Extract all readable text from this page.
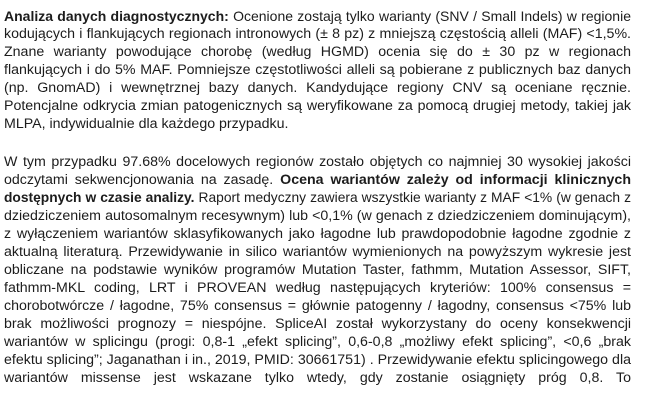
Analiza danych diagnostycznych: Ocenione zostają tylko warianty (SNV / Small Indels) w regionie
kodujących i flankujących regionach intronowych (± 8 pz) z mniejszą częstością alleli (MAF) <1,5%.
Znane warianty powodujące chorobę (według HGMD) ocenia się do ± 30 pz w regionach
flankujących i do 5% MAF. Pomniejsze częstotliwości alleli są pobierane z publicznych baz danych
(np. GnomAD) i wewnętrznej bazy danych. Kandydujące regiony CNV są oceniane ręcznie.
Potencjalne odkrycia zmian patogenicznych są weryfikowane za pomocą drugiej metody, takiej jak
MLPA, indywidualnie dla każdego przypadku.
W tym przypadku 97.68% docelowych regionów zostało objętych co najmniej 30 wysokiej jakości
odczytami sekwencjonowania na zasadę. Ocena wariantów zależy od informacji klinicznych
dostępnych w czasie analizy. Raport medyczny zawiera wszystkie warianty z MAF <1% (w genach z
dziedziczeniem autosomalnym recesywnym) lub <0,1% (w genach z dziedziczeniem dominującym),
z wyłączeniem wariantów sklasyfikowanych jako łagodne lub prawdopodobnie łagodne zgodnie z
aktualną literaturą. Przewidywanie in silico wariantów wymienionych na powyższym wykresie jest
obliczane na podstawie wyników programów Mutation Taster, fathmm, Mutation Assessor, SIFT,
fathmm-MKL coding, LRT i PROVEAN według następujących kryteriów: 100% consensus =
chorobotwórcze / łagodne, 75% consensus = głównie patogenny / łagodny, consensus <75% lub
brak możliwości prognozy = niespójne. SpliceAI został wykorzystany do oceny konsekwencji
wariantów w splicingu (progi: 0,8-1 „efekt splicing”, 0,6-0,8 „możliwy efekt splicing”, <0,6 „brak
efektu splicing”; Jaganathan i in., 2019, PMID: 30661751) . Przewidywanie efektu splicingowego dla
wariantów missense jest wskazane tylko wtedy, gdy zostanie osiągnięty próg 0,8. To
